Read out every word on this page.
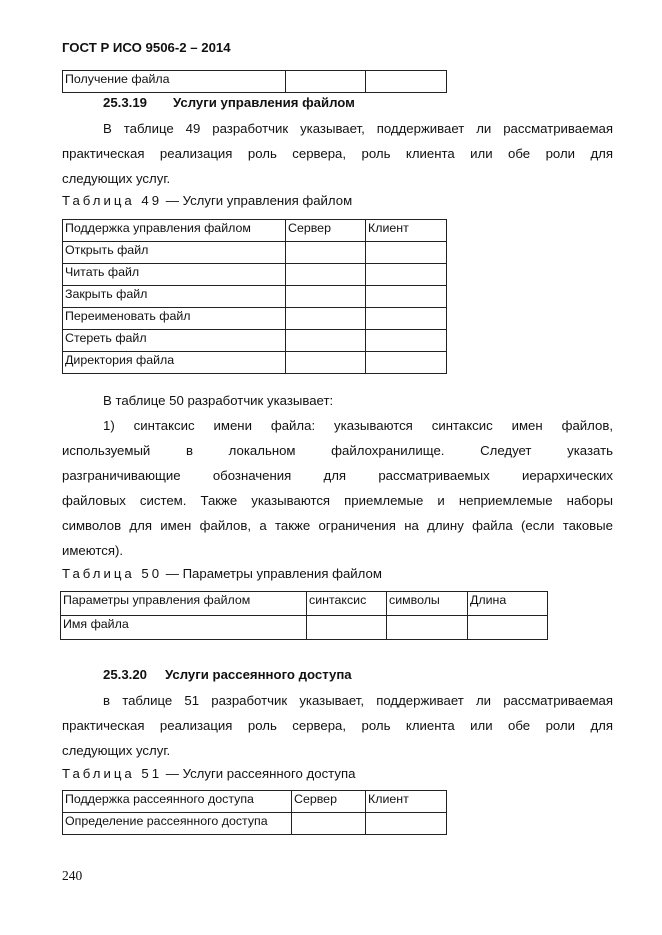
ГОСТ Р ИСО 9506-2 – 2014
Получение файла		
25.3.19 Услуги управления файлом
В таблице 49 разработчик указывает, поддерживает ли рассматриваемая
практическая реализация роль сервера, роль клиента или обе роли для
следующих услуг.
Таблица 49 — Услуги управления файлом
Поддержка управления файлом	Сервер	Клиент
Открыть файл		
Читать файл		
Закрыть файл		
Переименовать файл		
Стереть файл		
Директория файла		
В таблице 50 разработчик указывает:
1) синтаксис имени файла: указываются синтаксис имен файлов,
используемый в локальном файлохранилище. Следует указать
разграничивающие обозначения для рассматриваемых иерархических
файловых систем. Также указываются приемлемые и неприемлемые наборы
символов для имен файлов, а также ограничения на длину файла (если таковые
имеются).
Таблица 50 — Параметры управления файлом
Параметры управления файлом	синтаксис	символы	Длина
Имя файла			
25.3.20 Услуги рассеянного доступа
в таблице 51 разработчик указывает, поддерживает ли рассматриваемая
практическая реализация роль сервера, роль клиента или обе роли для
следующих услуг.
Таблица 51 — Услуги рассеянного доступа
Поддержка рассеянного доступа	Сервер	Клиент
Определение рассеянного доступа		
240
